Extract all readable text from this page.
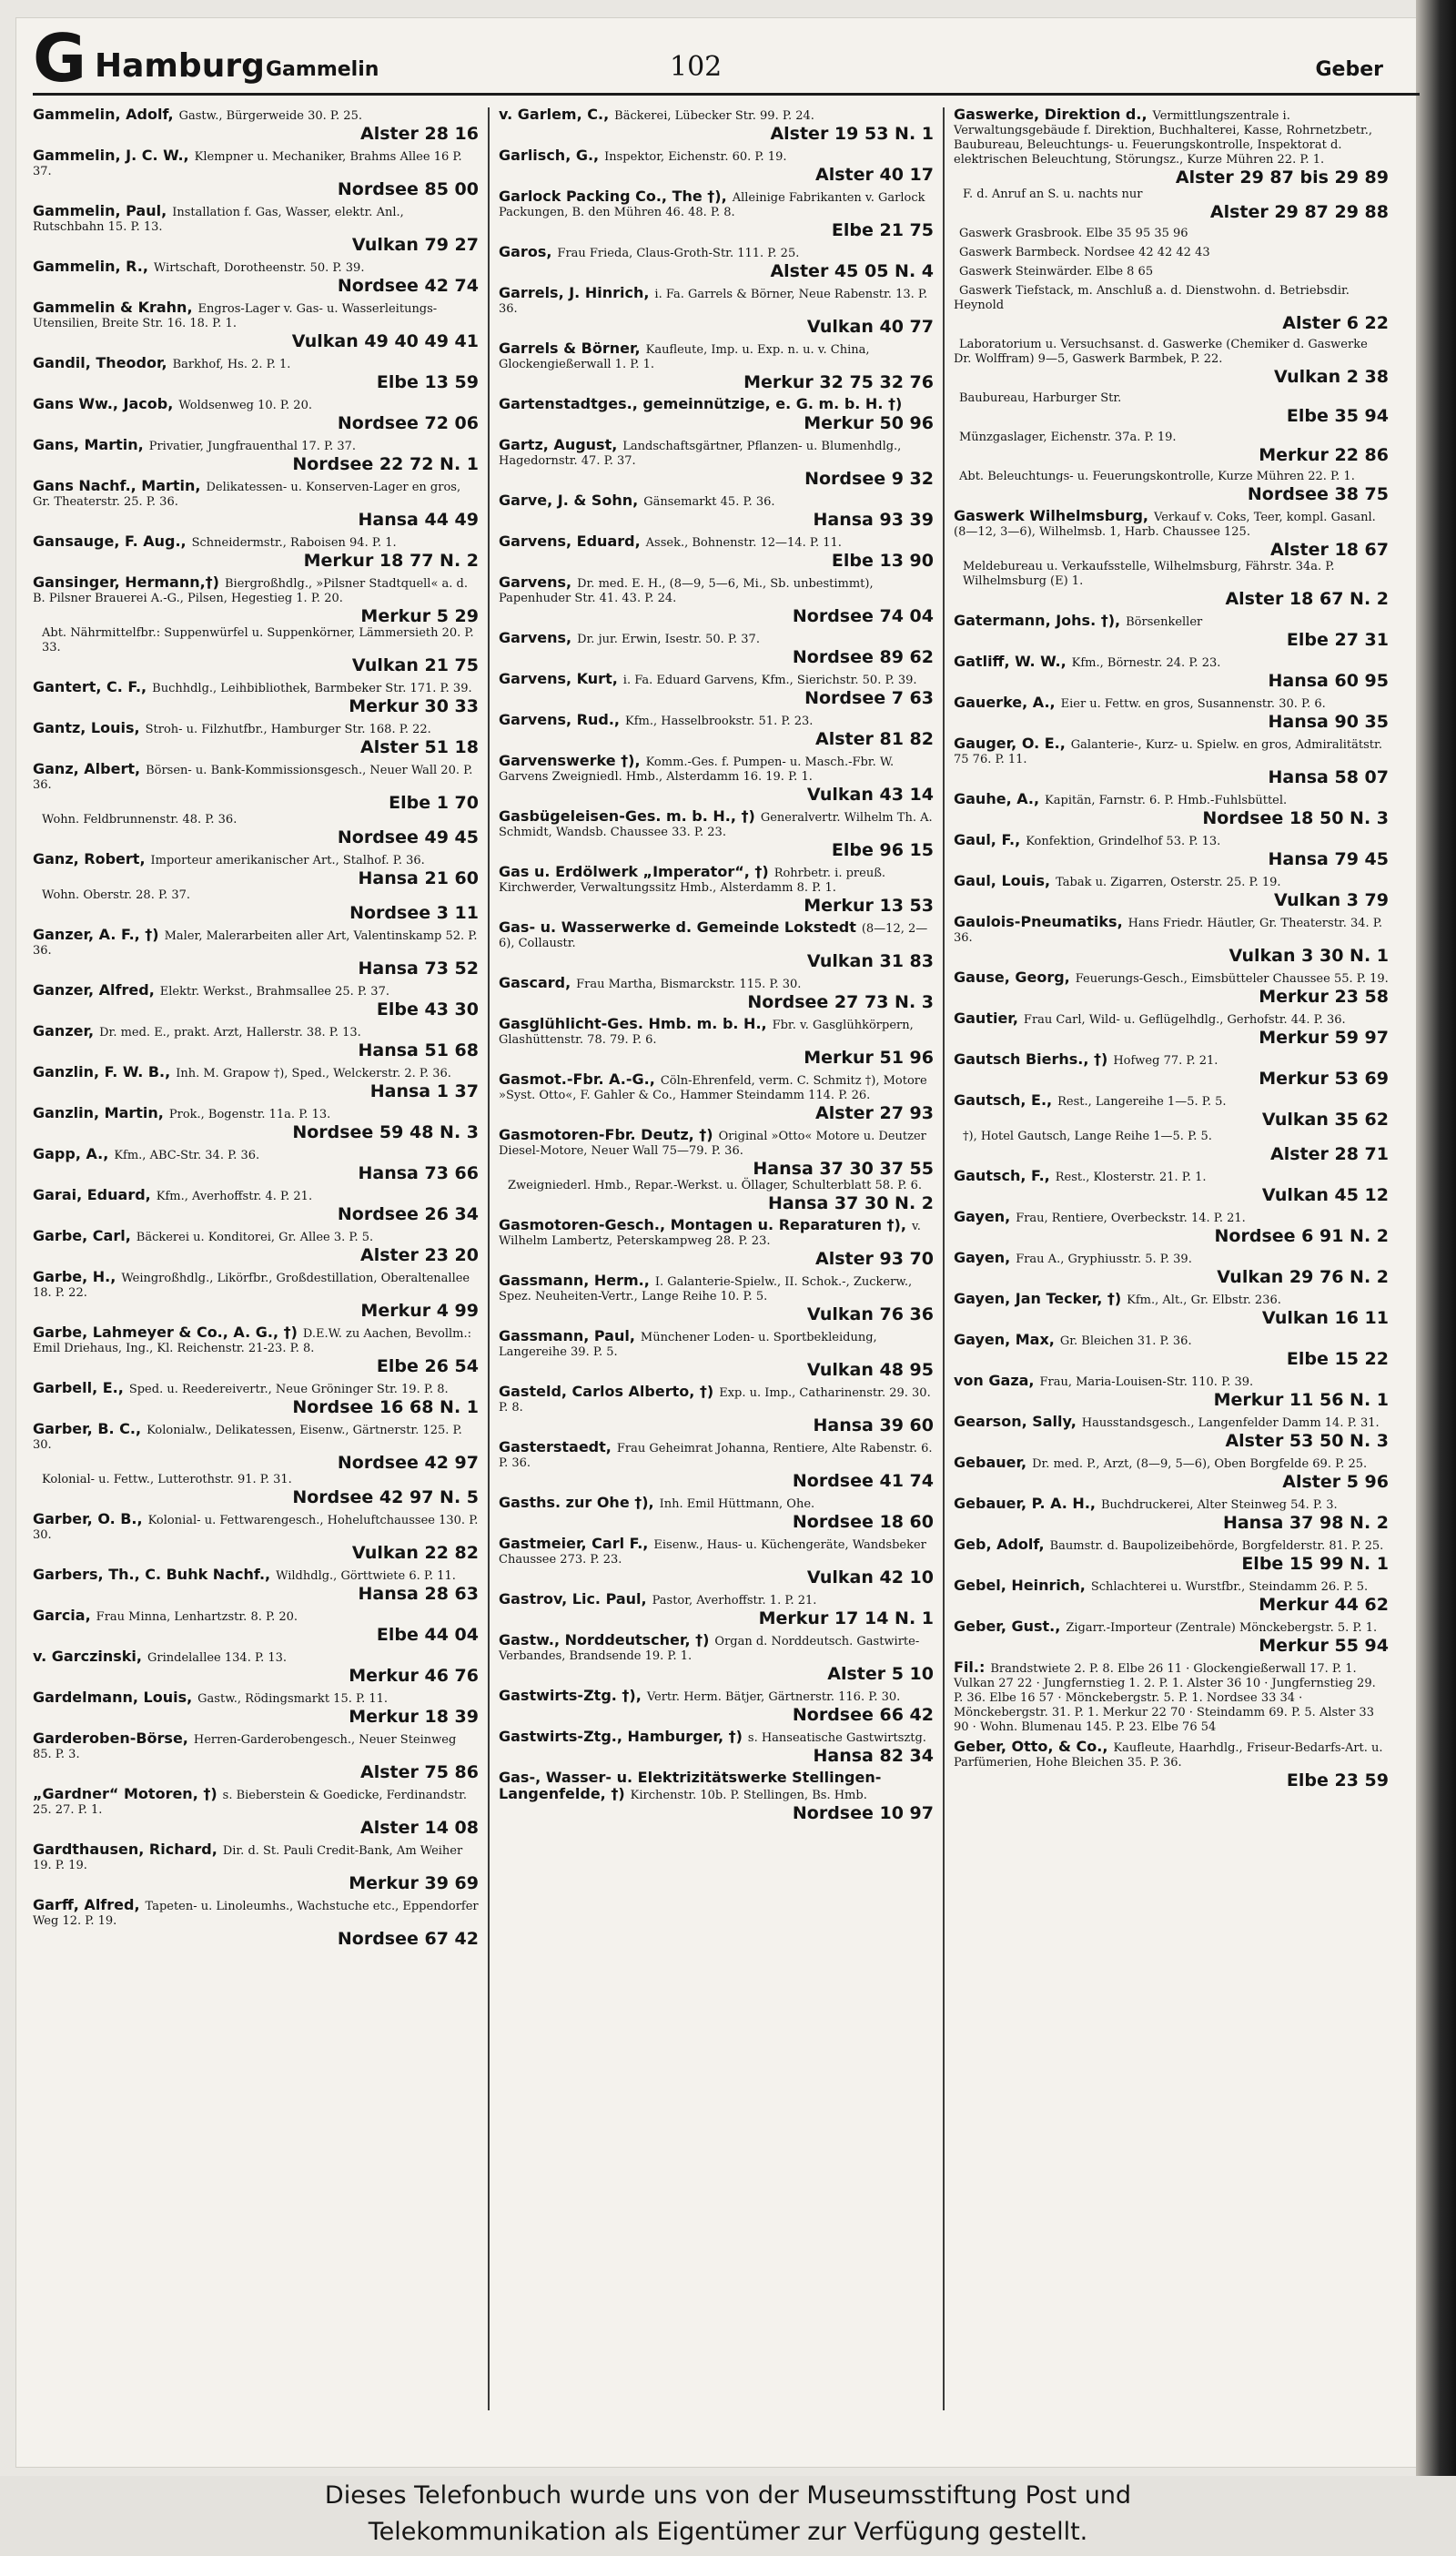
G Hamburg Gammelin	102	Geber
Gammelin, Adolf, Gastw., Bürgerweide 30. P. 25.
Alster 28 16
Gammelin, J. C. W., Klempner u. Mechaniker, Brahms Allee 16 P. 37.
Nordsee 85 00
Gammelin, Paul, Installation f. Gas, Wasser, elektr. Anl., Rutschbahn 15. P. 13.
Vulkan 79 27
Gammelin, R., Wirtschaft, Dorotheenstr. 50. P. 39.
Nordsee 42 74
Gammelin & Krahn, Engros-Lager v. Gas- u. Wasserleitungs-Utensilien, Breite Str. 16. 18. P. 1.
Vulkan 49 40 49 41
Gandil, Theodor, Barkhof, Hs. 2. P. 1.
Elbe 13 59
Gans Ww., Jacob, Woldsenweg 10. P. 20.
Nordsee 72 06
Gans, Martin, Privatier, Jungfrauenthal 17. P. 37.
Nordsee 22 72 N. 1
Gans Nachf., Martin, Delikatessen- u. Konserven-Lager en gros, Gr. Theaterstr. 25. P. 36.
Hansa 44 49
Gansauge, F. Aug., Schneidermstr., Raboisen 94. P. 1.
Merkur 18 77 N. 2
Gansinger, Hermann,†) Biergroßhdlg., »Pilsner Stadtquell« a. d. B. Pilsner Brauerei A.-G., Pilsen, Hegestieg 1. P. 20.
Merkur 5 29
Abt. Nährmittelfbr.: Suppenwürfel u. Suppenkörner, Lämmersieth 20. P. 33.
Vulkan 21 75
Gantert, C. F., Buchhdlg., Leihbibliothek, Barmbeker Str. 171. P. 39.
Merkur 30 33
Gantz, Louis, Stroh- u. Filzhutfbr., Hamburger Str. 168. P. 22.
Alster 51 18
Ganz, Albert, Börsen- u. Bank-Kommissionsgesch., Neuer Wall 20. P. 36.
Elbe 1 70
Wohn. Feldbrunnenstr. 48. P. 36.
Nordsee 49 45
Ganz, Robert, Importeur amerikanischer Art., Stalhof. P. 36.
Hansa 21 60
Wohn. Oberstr. 28. P. 37.
Nordsee 3 11
Ganzer, A. F., †) Maler, Malerarbeiten aller Art, Valentinskamp 52. P. 36.
Hansa 73 52
Ganzer, Alfred, Elektr. Werkst., Brahmsallee 25. P. 37.
Elbe 43 30
Ganzer, Dr. med. E., prakt. Arzt, Hallerstr. 38. P. 13.
Hansa 51 68
Ganzlin, F. W. B., Inh. M. Grapow †), Sped., Welckerstr. 2. P. 36.
Hansa 1 37
Ganzlin, Martin, Prok., Bogenstr. 11a. P. 13.
Nordsee 59 48 N. 3
Gapp, A., Kfm., ABC-Str. 34. P. 36.
Hansa 73 66
Garai, Eduard, Kfm., Averhoffstr. 4. P. 21.
Nordsee 26 34
Garbe, Carl, Bäckerei u. Konditorei, Gr. Allee 3. P. 5.
Alster 23 20
Garbe, H., Weingroßhdlg., Likörfbr., Großdestillation, Oberaltenallee 18. P. 22.
Merkur 4 99
Garbe, Lahmeyer & Co., A. G., †) D.E.W. zu Aachen, Bevollm.: Emil Driehaus, Ing., Kl. Reichenstr. 21-23. P. 8.
Elbe 26 54
Garbell, E., Sped. u. Reedereivertr., Neue Gröninger Str. 19. P. 8.
Nordsee 16 68 N. 1
Garber, B. C., Kolonialw., Delikatessen, Eisenw., Gärtnerstr. 125. P. 30.
Nordsee 42 97
Kolonial- u. Fettw., Lutterothstr. 91. P. 31.
Nordsee 42 97 N. 5
Garber, O. B., Kolonial- u. Fettwarengesch., Hoheluftchaussee 130. P. 30.
Vulkan 22 82
Garbers, Th., C. Buhk Nachf., Wildhdlg., Görttwiete 6. P. 11.
Hansa 28 63
Garcia, Frau Minna, Lenhartzstr. 8. P. 20.
Elbe 44 04
v. Garczinski, Grindelallee 134. P. 13.
Merkur 46 76
Gardelmann, Louis, Gastw., Rödingsmarkt 15. P. 11.
Merkur 18 39
Garderoben-Börse, Herren-Garderobengesch., Neuer Steinweg 85. P. 3.
Alster 75 86
„Gardner“ Motoren, †) s. Bieberstein & Goedicke, Ferdinandstr. 25. 27. P. 1.
Alster 14 08
Gardthausen, Richard, Dir. d. St. Pauli Credit-Bank, Am Weiher 19. P. 19.
Merkur 39 69
Garff, Alfred, Tapeten- u. Linoleumhs., Wachstuche etc., Eppendorfer Weg 12. P. 19.
Nordsee 67 42
v. Garlem, C., Bäckerei, Lübecker Str. 99. P. 24.
Alster 19 53 N. 1
Garlisch, G., Inspektor, Eichenstr. 60. P. 19.
Alster 40 17
Garlock Packing Co., The †), Alleinige Fabrikanten v. Garlock Packungen, B. den Mühren 46. 48. P. 8.
Elbe 21 75
Garos, Frau Frieda, Claus-Groth-Str. 111. P. 25.
Alster 45 05 N. 4
Garrels, J. Hinrich, i. Fa. Garrels & Börner, Neue Rabenstr. 13. P. 36.
Vulkan 40 77
Garrels & Börner, Kaufleute, Imp. u. Exp. n. u. v. China, Glockengießerwall 1. P. 1.
Merkur 32 75 32 76
Gartenstadtges., gemeinnützige, e. G. m. b. H. †)
Merkur 50 96
Gartz, August, Landschaftsgärtner, Pflanzen- u. Blumenhdlg., Hagedornstr. 47. P. 37.
Nordsee 9 32
Garve, J. & Sohn, Gänsemarkt 45. P. 36.
Hansa 93 39
Garvens, Eduard, Assek., Bohnenstr. 12—14. P. 11.
Elbe 13 90
Garvens, Dr. med. E. H., (8—9, 5—6, Mi., Sb. unbestimmt), Papenhuder Str. 41. 43. P. 24.
Nordsee 74 04
Garvens, Dr. jur. Erwin, Isestr. 50. P. 37.
Nordsee 89 62
Garvens, Kurt, i. Fa. Eduard Garvens, Kfm., Sierichstr. 50. P. 39.
Nordsee 7 63
Garvens, Rud., Kfm., Hasselbrookstr. 51. P. 23.
Alster 81 82
Garvenswerke †), Komm.-Ges. f. Pumpen- u. Masch.-Fbr. W. Garvens Zweigniedl. Hmb., Alsterdamm 16. 19. P. 1.
Vulkan 43 14
Gasbügeleisen-Ges. m. b. H., †) Generalvertr. Wilhelm Th. A. Schmidt, Wandsb. Chaussee 33. P. 23.
Elbe 96 15
Gas u. Erdölwerk „Imperator“, †) Rohrbetr. i. preuß. Kirchwerder, Verwaltungssitz Hmb., Alsterdamm 8. P. 1.
Merkur 13 53
Gas- u. Wasserwerke d. Gemeinde Lokstedt (8—12, 2—6), Collaustr.
Vulkan 31 83
Gascard, Frau Martha, Bismarckstr. 115. P. 30.
Nordsee 27 73 N. 3
Gasglühlicht-Ges. Hmb. m. b. H., Fbr. v. Gasglühkörpern, Glashüttenstr. 78. 79. P. 6.
Merkur 51 96
Gasmot.-Fbr. A.-G., Cöln-Ehrenfeld, verm. C. Schmitz †), Motore »Syst. Otto«, F. Gahler & Co., Hammer Steindamm 114. P. 26.
Alster 27 93
Gasmotoren-Fbr. Deutz, †) Original »Otto« Motore u. Deutzer Diesel-Motore, Neuer Wall 75—79. P. 36.
Hansa 37 30 37 55
Zweigniederl. Hmb., Repar.-Werkst. u. Öllager, Schulterblatt 58. P. 6.
Hansa 37 30 N. 2
Gasmotoren-Gesch., Montagen u. Reparaturen †), v. Wilhelm Lambertz, Peterskampweg 28. P. 23.
Alster 93 70
Gassmann, Herm., I. Galanterie-Spielw., II. Schok.-, Zuckerw., Spez. Neuheiten-Vertr., Lange Reihe 10. P. 5.
Vulkan 76 36
Gassmann, Paul, Münchener Loden- u. Sportbekleidung, Langereihe 39. P. 5.
Vulkan 48 95
Gasteld, Carlos Alberto, †) Exp. u. Imp., Catharinenstr. 29. 30. P. 8.
Hansa 39 60
Gasterstaedt, Frau Geheimrat Johanna, Rentiere, Alte Rabenstr. 6. P. 36.
Nordsee 41 74
Gasths. zur Ohe †), Inh. Emil Hüttmann, Ohe.
Nordsee 18 60
Gastmeier, Carl F., Eisenw., Haus- u. Küchengeräte, Wandsbeker Chaussee 273. P. 23.
Vulkan 42 10
Gastrov, Lic. Paul, Pastor, Averhoffstr. 1. P. 21.
Merkur 17 14 N. 1
Gastw., Norddeutscher, †) Organ d. Norddeutsch. Gastwirte-Verbandes, Brandsende 19. P. 1.
Alster 5 10
Gastwirts-Ztg. †), Vertr. Herm. Bätjer, Gärtnerstr. 116. P. 30.
Nordsee 66 42
Gastwirts-Ztg., Hamburger, †) s. Hanseatische Gastwirtsztg.
Hansa 82 34
Gas-, Wasser- u. Elektrizitätswerke Stellingen-Langenfelde, †) Kirchenstr. 10b. P. Stellingen, Bs. Hmb.
Nordsee 10 97
Gaswerke, Direktion d., Vermittlungszentrale i. Verwaltungsgebäude f. Direktion, Buchhalterei, Kasse, Rohrnetzbetr., Baubureau, Beleuchtungs- u. Feuerungskontrolle, Inspektorat d. elektrischen Beleuchtung, Störungsz., Kurze Mühren 22. P. 1.
Alster 29 87 bis 29 89
F. d. Anruf an S. u. nachts nur
Alster 29 87 29 88
Gaswerk Grasbrook. Elbe 35 95 35 96
Gaswerk Barmbeck. Nordsee 42 42 42 43
Gaswerk Steinwärder. Elbe 8 65
Gaswerk Tiefstack, m. Anschluß a. d. Dienstwohn. d. Betriebsdir. Heynold
Alster 6 22
Laboratorium u. Versuchsanst. d. Gaswerke (Chemiker d. Gaswerke Dr. Wolffram) 9—5, Gaswerk Barmbek, P. 22.
Vulkan 2 38
Baubureau, Harburger Str.
Elbe 35 94
Münzgaslager, Eichenstr. 37a. P. 19.
Merkur 22 86
Abt. Beleuchtungs- u. Feuerungskontrolle, Kurze Mühren 22. P. 1.
Nordsee 38 75
Gaswerk Wilhelmsburg, Verkauf v. Coks, Teer, kompl. Gasanl. (8—12, 3—6), Wilhelmsb. 1, Harb. Chaussee 125.
Alster 18 67
Meldebureau u. Verkaufsstelle, Wilhelmsburg, Fährstr. 34a. P. Wilhelmsburg (E) 1.
Alster 18 67 N. 2
Gatermann, Johs. †), Börsenkeller
Elbe 27 31
Gatliff, W. W., Kfm., Börnestr. 24. P. 23.
Hansa 60 95
Gauerke, A., Eier u. Fettw. en gros, Susannenstr. 30. P. 6.
Hansa 90 35
Gauger, O. E., Galanterie-, Kurz- u. Spielw. en gros, Admiralitätstr. 75 76. P. 11.
Hansa 58 07
Gauhe, A., Kapitän, Farnstr. 6. P. Hmb.-Fuhlsbüttel.
Nordsee 18 50 N. 3
Gaul, F., Konfektion, Grindelhof 53. P. 13.
Hansa 79 45
Gaul, Louis, Tabak u. Zigarren, Osterstr. 25. P. 19.
Vulkan 3 79
Gaulois-Pneumatiks, Hans Friedr. Häutler, Gr. Theaterstr. 34. P. 36.
Vulkan 3 30 N. 1
Gause, Georg, Feuerungs-Gesch., Eimsbütteler Chaussee 55. P. 19.
Merkur 23 58
Gautier, Frau Carl, Wild- u. Geflügelhdlg., Gerhofstr. 44. P. 36.
Merkur 59 97
Gautsch Bierhs., †) Hofweg 77. P. 21.
Merkur 53 69
Gautsch, E., Rest., Langereihe 1—5. P. 5.
Vulkan 35 62
†), Hotel Gautsch, Lange Reihe 1—5. P. 5.
Alster 28 71
Gautsch, F., Rest., Klosterstr. 21. P. 1.
Vulkan 45 12
Gayen, Frau, Rentiere, Overbeckstr. 14. P. 21.
Nordsee 6 91 N. 2
Gayen, Frau A., Gryphiusstr. 5. P. 39.
Vulkan 29 76 N. 2
Gayen, Jan Tecker, †) Kfm., Alt., Gr. Elbstr. 236.
Vulkan 16 11
Gayen, Max, Gr. Bleichen 31. P. 36.
Elbe 15 22
von Gaza, Frau, Maria-Louisen-Str. 110. P. 39.
Merkur 11 56 N. 1
Gearson, Sally, Hausstandsgesch., Langenfelder Damm 14. P. 31.
Alster 53 50 N. 3
Gebauer, Dr. med. P., Arzt, (8—9, 5—6), Oben Borgfelde 69. P. 25.
Alster 5 96
Gebauer, P. A. H., Buchdruckerei, Alter Steinweg 54. P. 3.
Hansa 37 98 N. 2
Geb, Adolf, Baumstr. d. Baupolizeibehörde, Borgfelderstr. 81. P. 25.
Elbe 15 99 N. 1
Gebel, Heinrich, Schlachterei u. Wurstfbr., Steindamm 26. P. 5.
Merkur 44 62
Geber, Gust., Zigarr.-Importeur (Zentrale) Mönckebergstr. 5. P. 1.
Merkur 55 94
Fil.: Brandstwiete 2. P. 8. Elbe 26 11 · Glockengießerwall 17. P. 1. Vulkan 27 22 · Jungfernstieg 1. 2. P. 1. Alster 36 10 · Jungfernstieg 29. P. 36. Elbe 16 57 · Mönckebergstr. 5. P. 1. Nordsee 33 34 · Mönckebergstr. 31. P. 1. Merkur 22 70 · Steindamm 69. P. 5. Alster 33 90 · Wohn. Blumenau 145. P. 23. Elbe 76 54
Geber, Otto, & Co., Kaufleute, Haarhdlg., Friseur-Bedarfs-Art. u. Parfümerien, Hohe Bleichen 35. P. 36.
Elbe 23 59
Dieses Telefonbuch wurde uns von der Museumsstiftung Post und
Telekommunikation als Eigentümer zur Verfügung gestellt.
